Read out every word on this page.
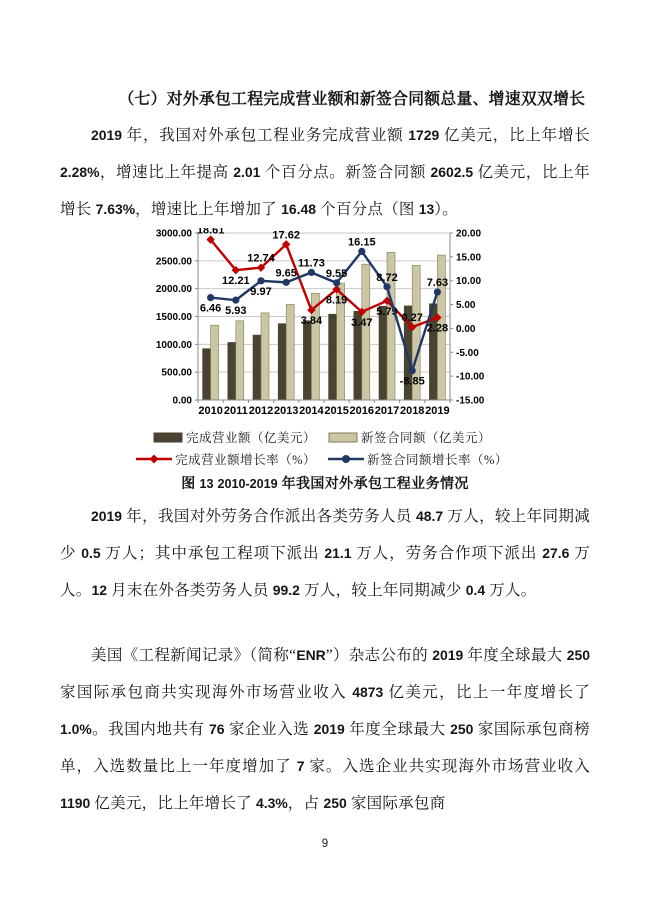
（七）对外承包工程完成营业额和新签合同额总量、增速双双增长

2019 年，我国对外承包工程业务完成营业额 1729 亿美元，比上年增长 2.28%，增速比上年提高 2.01 个百分点。新签合同额 2602.5 亿美元，比上年增长 7.63%，增速比上年增加了 16.48 个百分点（图 13）。

0.00
500.00
1000.00
1500.00
2000.00
2500.00
3000.00	20.00
15.00
10.00
5.00
0.00
-5.00
-10.00
-15.00
2010 2011 2012 2013 2014 2015 2016 2017 2018 2019
18.61
12.21
12.74
17.62
3.84
8.19
3.47
5.79
0.27
2.28
6.46 5.93
9.97
9.65
11.73
9.55
16.15
8.72
-8.85
7.63
完成营业额（亿美元）	新签合同额（亿美元）
完成营业额增长率（%）	新签合同额增长率（%）

图 13 2010-2019 年我国对外承包工程业务情况

2019 年，我国对外劳务合作派出各类劳务人员 48.7 万人，较上年同期减少 0.5 万人；其中承包工程项下派出 21.1 万人，劳务合作项下派出 27.6 万人。12 月末在外各类劳务人员 99.2 万人，较上年同期减少 0.4 万人。

美国《工程新闻记录》（简称“ENR”）杂志公布的 2019 年度全球最大 250 家国际承包商共实现海外市场营业收入 4873 亿美元，比上一年度增长了 1.0%。我国内地共有 76 家企业入选 2019 年度全球最大 250 家国际承包商榜单，入选数量比上一年度增加了 7 家。入选企业共实现海外市场营业收入 1190 亿美元，比上年增长了 4.3%，占 250 家国际承包商

9
